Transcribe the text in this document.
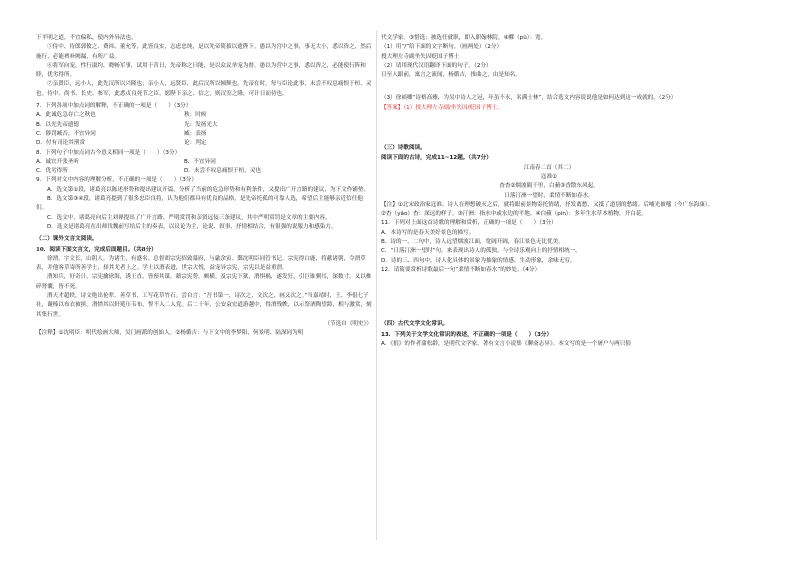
下平明之道，不宜偏私，使内外异法也。

⑤侍中、侍郎郭攸之、费祎、董允等，此皆良实，志虑忠纯，是以先帝简拔以遗陛下。愚以为宫中之事，事无大小，悉以咨之，然后施行，必能裨补阙漏，有所广益。

⑥将军向宠，性行淑均，晓畅军事，试用于昔日，先帝称之曰能，是以众议举宠为督。愚以为营中之事，悉以咨之，必能使行阵和睦，优劣得所。

⑦亲贤臣，远小人，此先汉所以兴隆也；亲小人，远贤臣，此后汉所以倾颓也。先帝在时，每与臣论此事，未尝不叹息痛恨于桓、灵也。侍中、尚书、长史、参军，此悉贞良死节之臣，愿陛下亲之、信之，则汉室之隆，可计日而待也。

7．下列各项中加点词的解释，不正确的一项是（　　）（3分）

A．此诚危急存亡之秋也	秋：时候
B．以光先帝遗德	光：发扬光大
C．陟罚臧否，不宜异同	臧：表扬
D．付有司论其刑赏	论：判定

8．下列句子中加点词古今意义相同一项是（　　）（3分）

A．诚宜开张圣听	B．不宜异同
C．优劣得所	D．未尝不叹息痛恨于桓、灵也

9．下列对文中内容的理解分析，不正确的一项是（　　）（3分）

A．选文第①段，诸葛亮以陈述形势和提出建议开篇，分析了当前的危急形势和有利条件，又提出广开言路的建议，为下文作铺垫。

B．选文第③④段，诸葛亮提到了很多忠臣良将，认为他们都具有优良的品格，是先帝托孤的可靠人选，希望后主能够亲近信任他们。

C．选文中，诸葛亮向后主刘禅提出了广开言路、严明赏罚和亲贤远佞三条建议，其中严明赏罚是文章的主要内容。

D．选文是诸葛亮在出师伐魏前写给后主的奏表，以议论为主，论说、叙事、抒情相结合，有很强的说服力和感染力。

（二）课外文言文阅读。

10．阅读下面文言文，完成后面题目。（共8分）

徐渭，字文长，山阴人。为诸生，有盛名。总督胡宗宪招致幕府，与歙余寅、鄞沈明臣同管书记。宗宪得白鹿，将献诸朝，令渭草表，并他客草寄所善学士，择其尤者上之。学士以渭表进，世宗大悦，益宠异宗宪，宗宪以是益重渭。

渭知兵，好奇计，宗宪擒徐海，诱王直，皆预其谋。藉宗宪势，颇横。及宗宪下狱，渭惧祸，遂发狂，引巨锥剚耳，深数寸，又以椎碎肾囊，皆不死。

渭天才超轶，诗文绝出伦辈。善草书，工写花草竹石。尝自言：“吾书第一，诗次之，文次之，画又次之。”当嘉靖时，王、李倡七子社，谢榛以布衣被摈。渭愤其以轩冕压韦布，誓不入二人党。后二十年，公安袁宏道游越中，得渭残帙，以示祭酒陶望龄，相与激赏，刻其集行世。

（节选自《明史》）

【注释】①沈明臣：明代绘画大师，吴门画派的创始人。②杨循吉：与下文中的李梦阳、何景明、陆深同为明

代文学家。③惜选：被选任就职，即入职翰林院。④醪（pǔ）：宽。

（1）用“/”给下面的文字断句。（画两处）（2分）

授大理左寺副坐失囚贬国子博士

（2）请用现代汉语翻译下面的句子。（2分）

日至人跟前，寓言之流闻，杨循吉，推曲之，由是知名。

（3）徐祯卿“诗格高雅，为吴中诗人之冠，年虽不永，名满士林”，结合选文内容说说他是如何达到这一成就的。（2分）

【答案】（1）授大理左寺副/坐失囚/贬国子博士。

（三）诗歌阅读。

阅读下面的古诗，完成11~12题。（共7分）

江南春二首（其二）

寇准①

杳杳②烟波隔千里，白蘋③香散东风起。

日落汀洲一望时，柔情不断如春水。

【注】①北宋政治家寇准。诗人在理想破灭之后，就将眼前景物寄托情绪，抒发离愁，又抵了道别的愁绪。后哺光被嗤（今广东海康）。②杳（yǎo）杳：深远的样子。③汀洲：指水中或水边的平地。④白蘋（pín）：多年生水草本植物，开白花。

11．下列对上面这首诗歌的理解和赏析，正确的一项是（　　）（3分）

A．本诗写的是春天美好景色的描写。

B．诗的一、二句中，诗人远望烟波江面，宽阔开阔，春江景色无比优美。

C．“日落汀洲一望时”句，来表现出诗人的孤独，与全诗乐观向上的抒情相统一。

D．诗的三、四句中，诗人化具体的景象为抽象的情感，生动形象，余味无穷。

12．请简要赏析诗歌最后一句“柔情不断如春水”的妙处。（4分）

（四）古代文学文化常识。

13．下列关于文学文化常识的表述，不正确的一项是（　　）（3分）

A．《狼》的作者蒲松龄，是明代文学家，著有文言小说集《聊斋志异》。本文写的是一个屠户与两只狼
